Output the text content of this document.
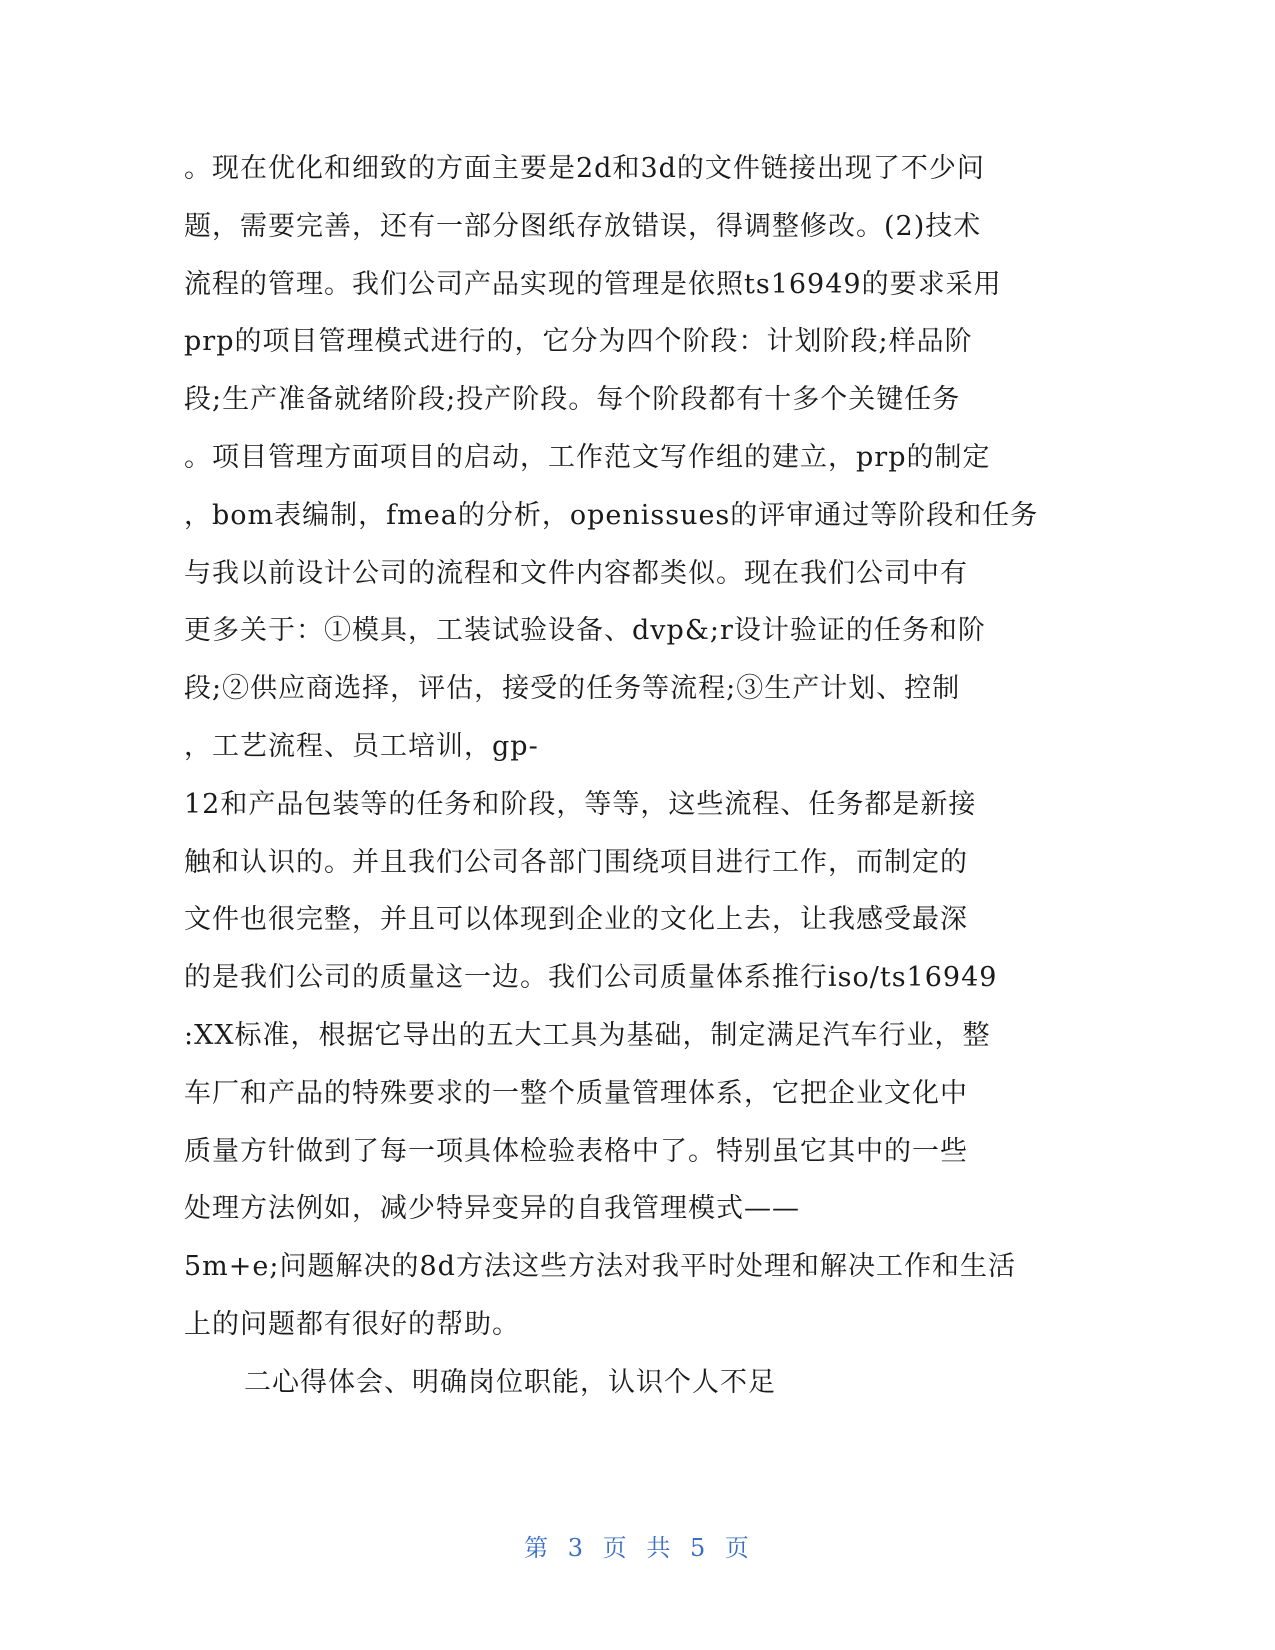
。现在优化和细致的方面主要是2d和3d的文件链接出现了不少问
题，需要完善，还有一部分图纸存放错误，得调整修改。(2)技术
流程的管理。我们公司产品实现的管理是依照ts16949的要求采用
prp的项目管理模式进行的，它分为四个阶段：计划阶段;样品阶
段;生产准备就绪阶段;投产阶段。每个阶段都有十多个关键任务
。项目管理方面项目的启动，工作范文写作组的建立，prp的制定
，bom表编制，fmea的分析，openissues的评审通过等阶段和任务
与我以前设计公司的流程和文件内容都类似。现在我们公司中有
更多关于：①模具，工装试验设备、dvp&;r设计验证的任务和阶
段;②供应商选择，评估，接受的任务等流程;③生产计划、控制
，工艺流程、员工培训，gp-
12和产品包装等的任务和阶段，等等，这些流程、任务都是新接
触和认识的。并且我们公司各部门围绕项目进行工作，而制定的
文件也很完整，并且可以体现到企业的文化上去，让我感受最深
的是我们公司的质量这一边。我们公司质量体系推行iso/ts16949
:XX标准，根据它导出的五大工具为基础，制定满足汽车行业，整
车厂和产品的特殊要求的一整个质量管理体系，它把企业文化中
质量方针做到了每一项具体检验表格中了。特别虽它其中的一些
处理方法例如，减少特异变异的自我管理模式——
5m+e;问题解决的8d方法这些方法对我平时处理和解决工作和生活
上的问题都有很好的帮助。
二心得体会、明确岗位职能，认识个人不足
第 3 页 共 5 页
